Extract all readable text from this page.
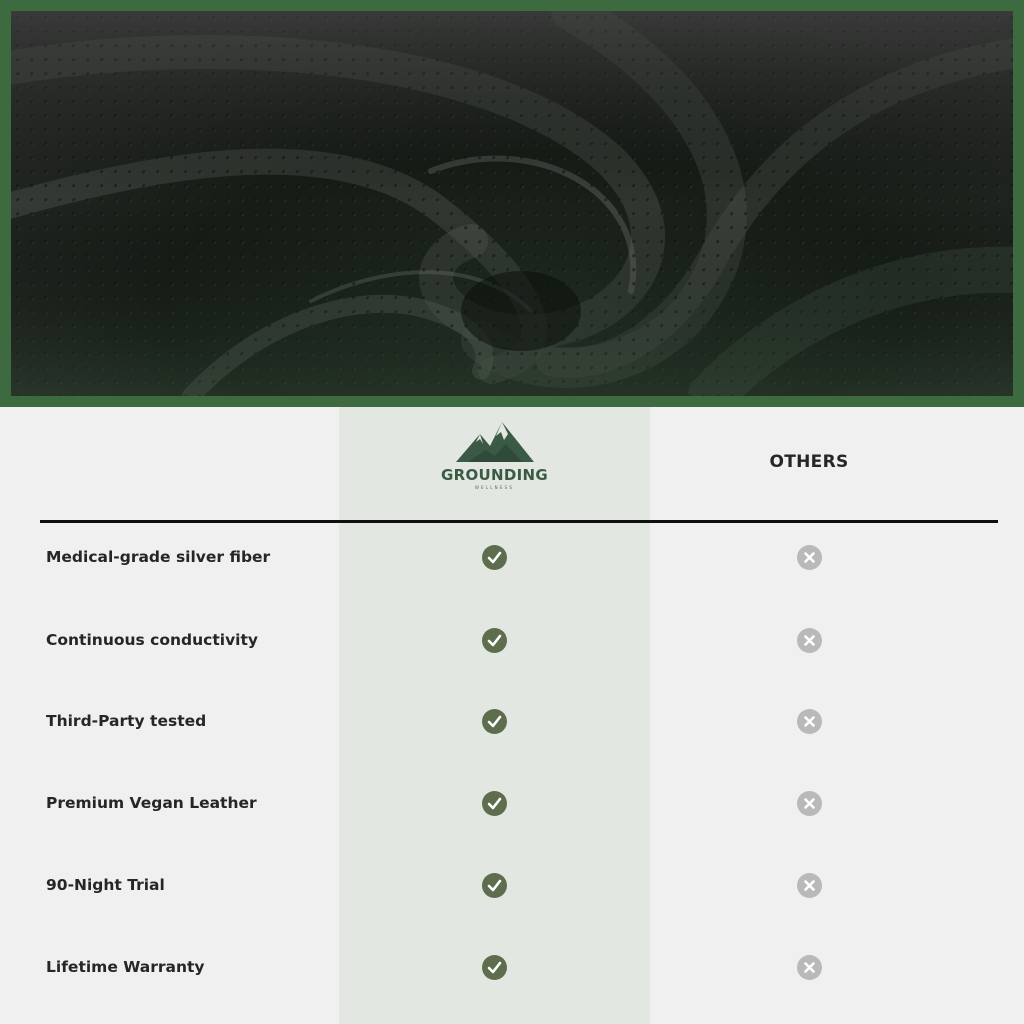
GROUNDING
WELLNESS
OTHERS
Medical-grade silver fiber
Continuous conductivity
Third-Party tested
Premium Vegan Leather
90-Night Trial
Lifetime Warranty
